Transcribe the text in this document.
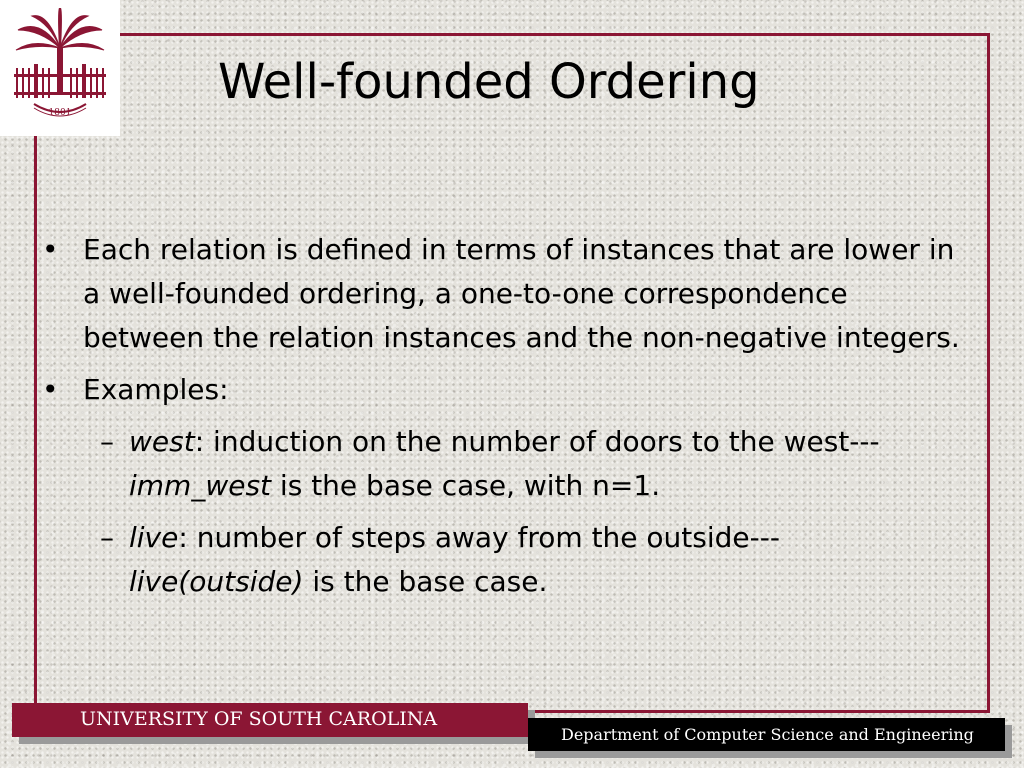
1801
Well-founded Ordering
• Each relation is defined in terms of instances that are lower in a well-founded ordering, a one-to-one correspondence between the relation instances and the non-negative integers.
• Examples:
– west: induction on the number of doors to the west--- imm_west is the base case, with n=1.
– live: number of steps away from the outside--- live(outside) is the base case.
UNIVERSITY OF SOUTH CAROLINA
Department of Computer Science and Engineering
